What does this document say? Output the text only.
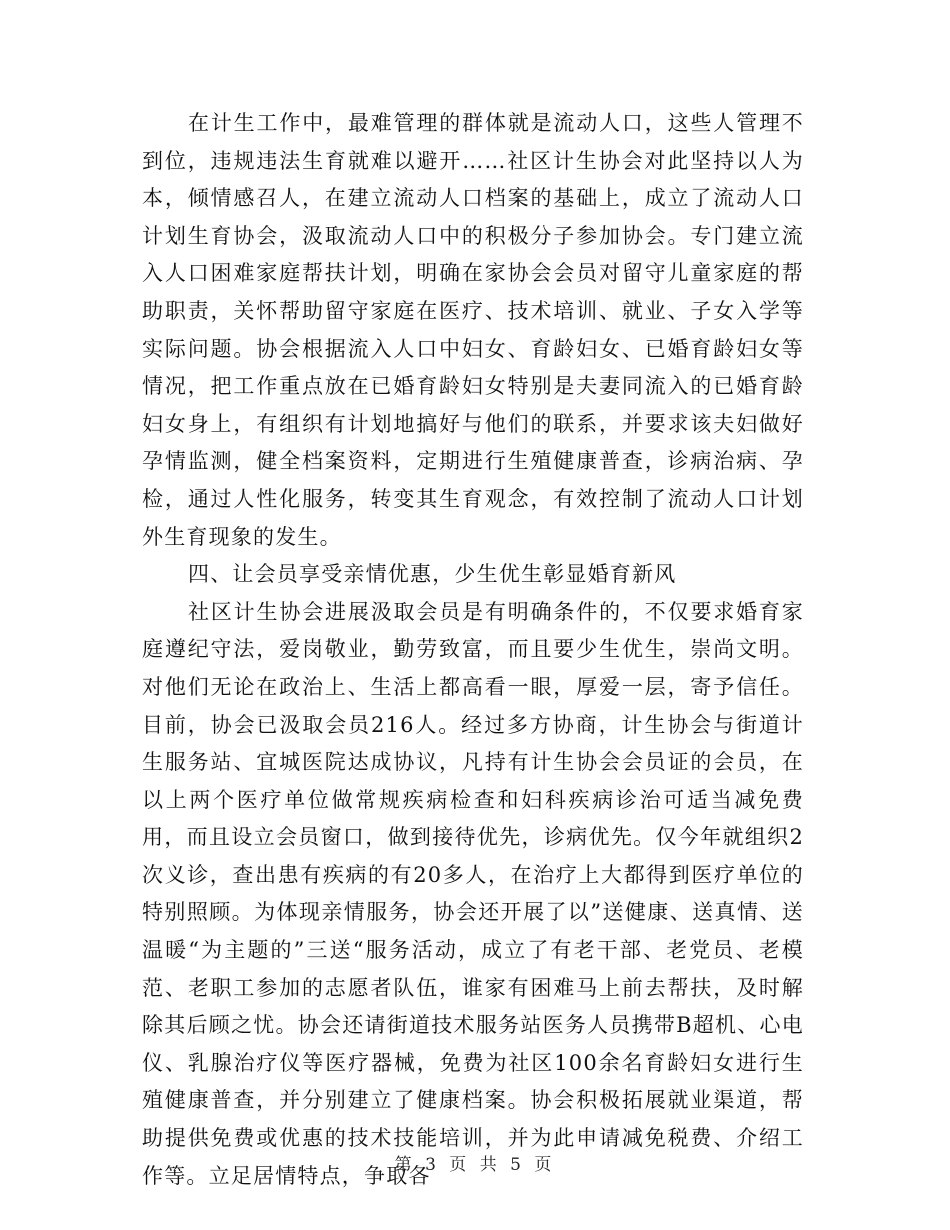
在计生工作中，最难管理的群体就是流动人口，这些人管理不到位，违规违法生育就难以避开……社区计生协会对此坚持以人为本，倾情感召人，在建立流动人口档案的基础上，成立了流动人口计划生育协会，汲取流动人口中的积极分子参加协会。专门建立流入人口困难家庭帮扶计划，明确在家协会会员对留守儿童家庭的帮助职责，关怀帮助留守家庭在医疗、技术培训、就业、子女入学等实际问题。协会根据流入人口中妇女、育龄妇女、已婚育龄妇女等情况，把工作重点放在已婚育龄妇女特别是夫妻同流入的已婚育龄妇女身上，有组织有计划地搞好与他们的联系，并要求该夫妇做好孕情监测，健全档案资料，定期进行生殖健康普查，诊病治病、孕检，通过人性化服务，转变其生育观念，有效控制了流动人口计划外生育现象的发生。

四、让会员享受亲情优惠，少生优生彰显婚育新风

社区计生协会进展汲取会员是有明确条件的，不仅要求婚育家庭遵纪守法，爱岗敬业，勤劳致富，而且要少生优生，崇尚文明。对他们无论在政治上、生活上都高看一眼，厚爱一层，寄予信任。目前，协会已汲取会员216人。经过多方协商，计生协会与街道计生服务站、宜城医院达成协议，凡持有计生协会会员证的会员，在以上两个医疗单位做常规疾病检查和妇科疾病诊治可适当减免费用，而且设立会员窗口，做到接待优先，诊病优先。仅今年就组织2次义诊，查出患有疾病的有20多人，在治疗上大都得到医疗单位的特别照顾。为体现亲情服务，协会还开展了以”送健康、送真情、送温暖“为主题的”三送“服务活动，成立了有老干部、老党员、老模范、老职工参加的志愿者队伍，谁家有困难马上前去帮扶，及时解除其后顾之忧。协会还请街道技术服务站医务人员携带B超机、心电仪、乳腺治疗仪等医疗器械，免费为社区100余名育龄妇女进行生殖健康普查，并分别建立了健康档案。协会积极拓展就业渠道，帮助提供免费或优惠的技术技能培训，并为此申请减免税费、介绍工作等。立足居情特点，争取各

第 3 页 共 5 页
